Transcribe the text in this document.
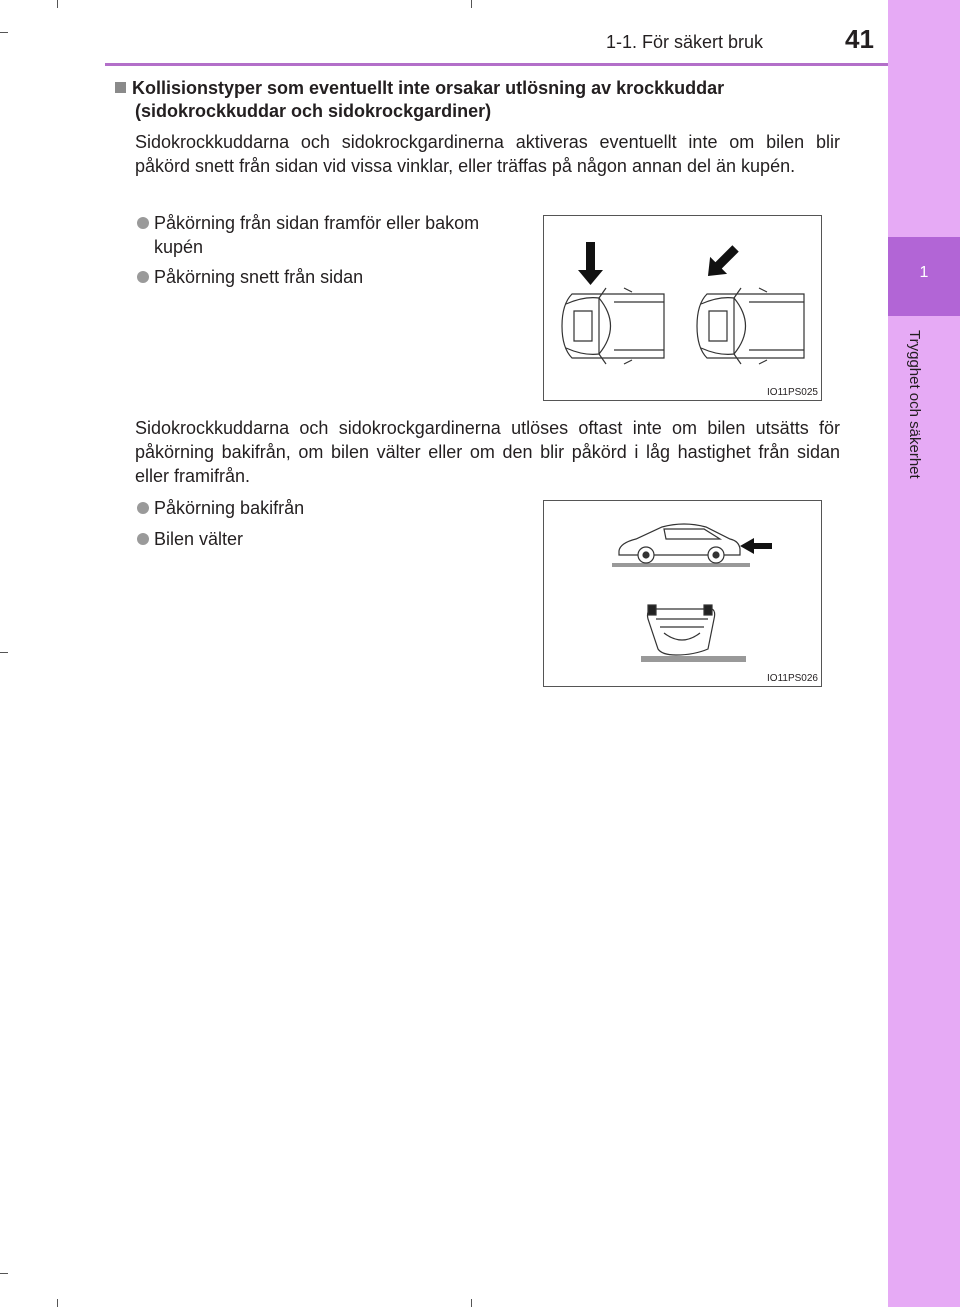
1
Trygghet och säkerhet
1-1. För säkert bruk	41
Kollisionstyper som eventuellt inte orsakar utlösning av krockkuddar
(sidokrockkuddar och sidokrockgardiner)
Sidokrockkuddarna och sidokrockgardinerna aktiveras eventuellt inte om bilen blir påkörd snett från sidan vid vissa vinklar, eller träffas på någon annan del än kupén.
Påkörning från sidan framför eller bakom
kupén
Påkörning snett från sidan
IO11PS025
Sidokrockkuddarna och sidokrockgardinerna utlöses oftast inte om bilen utsätts för påkörning bakifrån, om bilen välter eller om den blir påkörd i låg hastighet från sidan eller framifrån.
Påkörning bakifrån
Bilen välter
IO11PS026
